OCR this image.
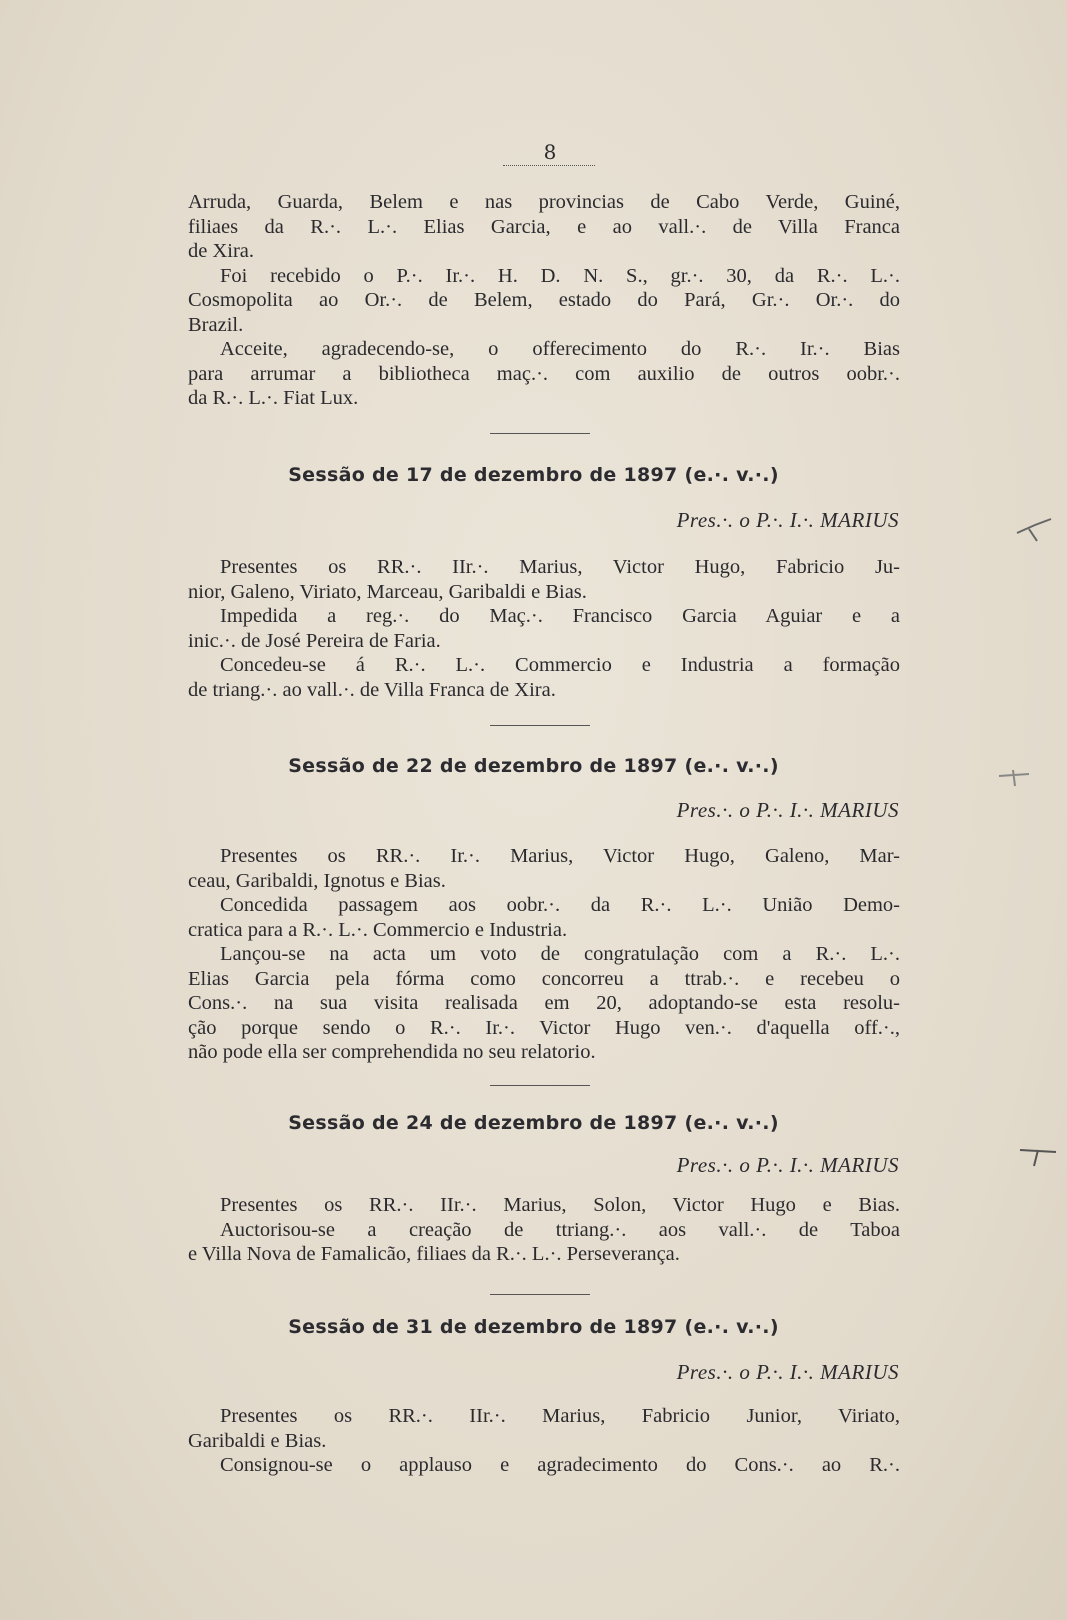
8
Arruda, Guarda, Belem e nas provincias de Cabo Verde, Guiné,
filiaes da R.·. L.·. Elias Garcia, e ao vall.·. de Villa Franca
de Xira.
Foi recebido o P.·. Ir.·. H. D. N. S., gr.·. 30, da R.·. L.·.
Cosmopolita ao Or.·. de Belem, estado do Pará, Gr.·. Or.·. do
Brazil.
Acceite, agradecendo-se, o offerecimento do R.·. Ir.·. Bias
para arrumar a bibliotheca maç.·. com auxilio de outros oobr.·.
da R.·. L.·. Fiat Lux.
Sessão de 17 de dezembro de 1897 (e.·. v.·.)
Pres.·. o P.·. I.·. MARIUS
Presentes os RR.·. IIr.·. Marius, Victor Hugo, Fabricio Ju-
nior, Galeno, Viriato, Marceau, Garibaldi e Bias.
Impedida a reg.·. do Maç.·. Francisco Garcia Aguiar e a
inic.·. de José Pereira de Faria.
Concedeu-se á R.·. L.·. Commercio e Industria a formação
de triang.·. ao vall.·. de Villa Franca de Xira.
Sessão de 22 de dezembro de 1897 (e.·. v.·.)
Pres.·. o P.·. I.·. MARIUS
Presentes os RR.·. Ir.·. Marius, Victor Hugo, Galeno, Mar-
ceau, Garibaldi, Ignotus e Bias.
Concedida passagem aos oobr.·. da R.·. L.·. União Demo-
cratica para a R.·. L.·. Commercio e Industria.
Lançou-se na acta um voto de congratulação com a R.·. L.·.
Elias Garcia pela fórma como concorreu a ttrab.·. e recebeu o
Cons.·. na sua visita realisada em 20, adoptando-se esta resolu-
ção porque sendo o R.·. Ir.·. Victor Hugo ven.·. d'aquella off.·.,
não pode ella ser comprehendida no seu relatorio.
Sessão de 24 de dezembro de 1897 (e.·. v.·.)
Pres.·. o P.·. I.·. MARIUS
Presentes os RR.·. IIr.·. Marius, Solon, Victor Hugo e Bias.
Auctorisou-se a creação de ttriang.·. aos vall.·. de Taboa
e Villa Nova de Famalicão, filiaes da R.·. L.·. Perseverança.
Sessão de 31 de dezembro de 1897 (e.·. v.·.)
Pres.·. o P.·. I.·. MARIUS
Presentes os RR.·. IIr.·. Marius, Fabricio Junior, Viriato,
Garibaldi e Bias.
Consignou-se o applauso e agradecimento do Cons.·. ao R.·.
